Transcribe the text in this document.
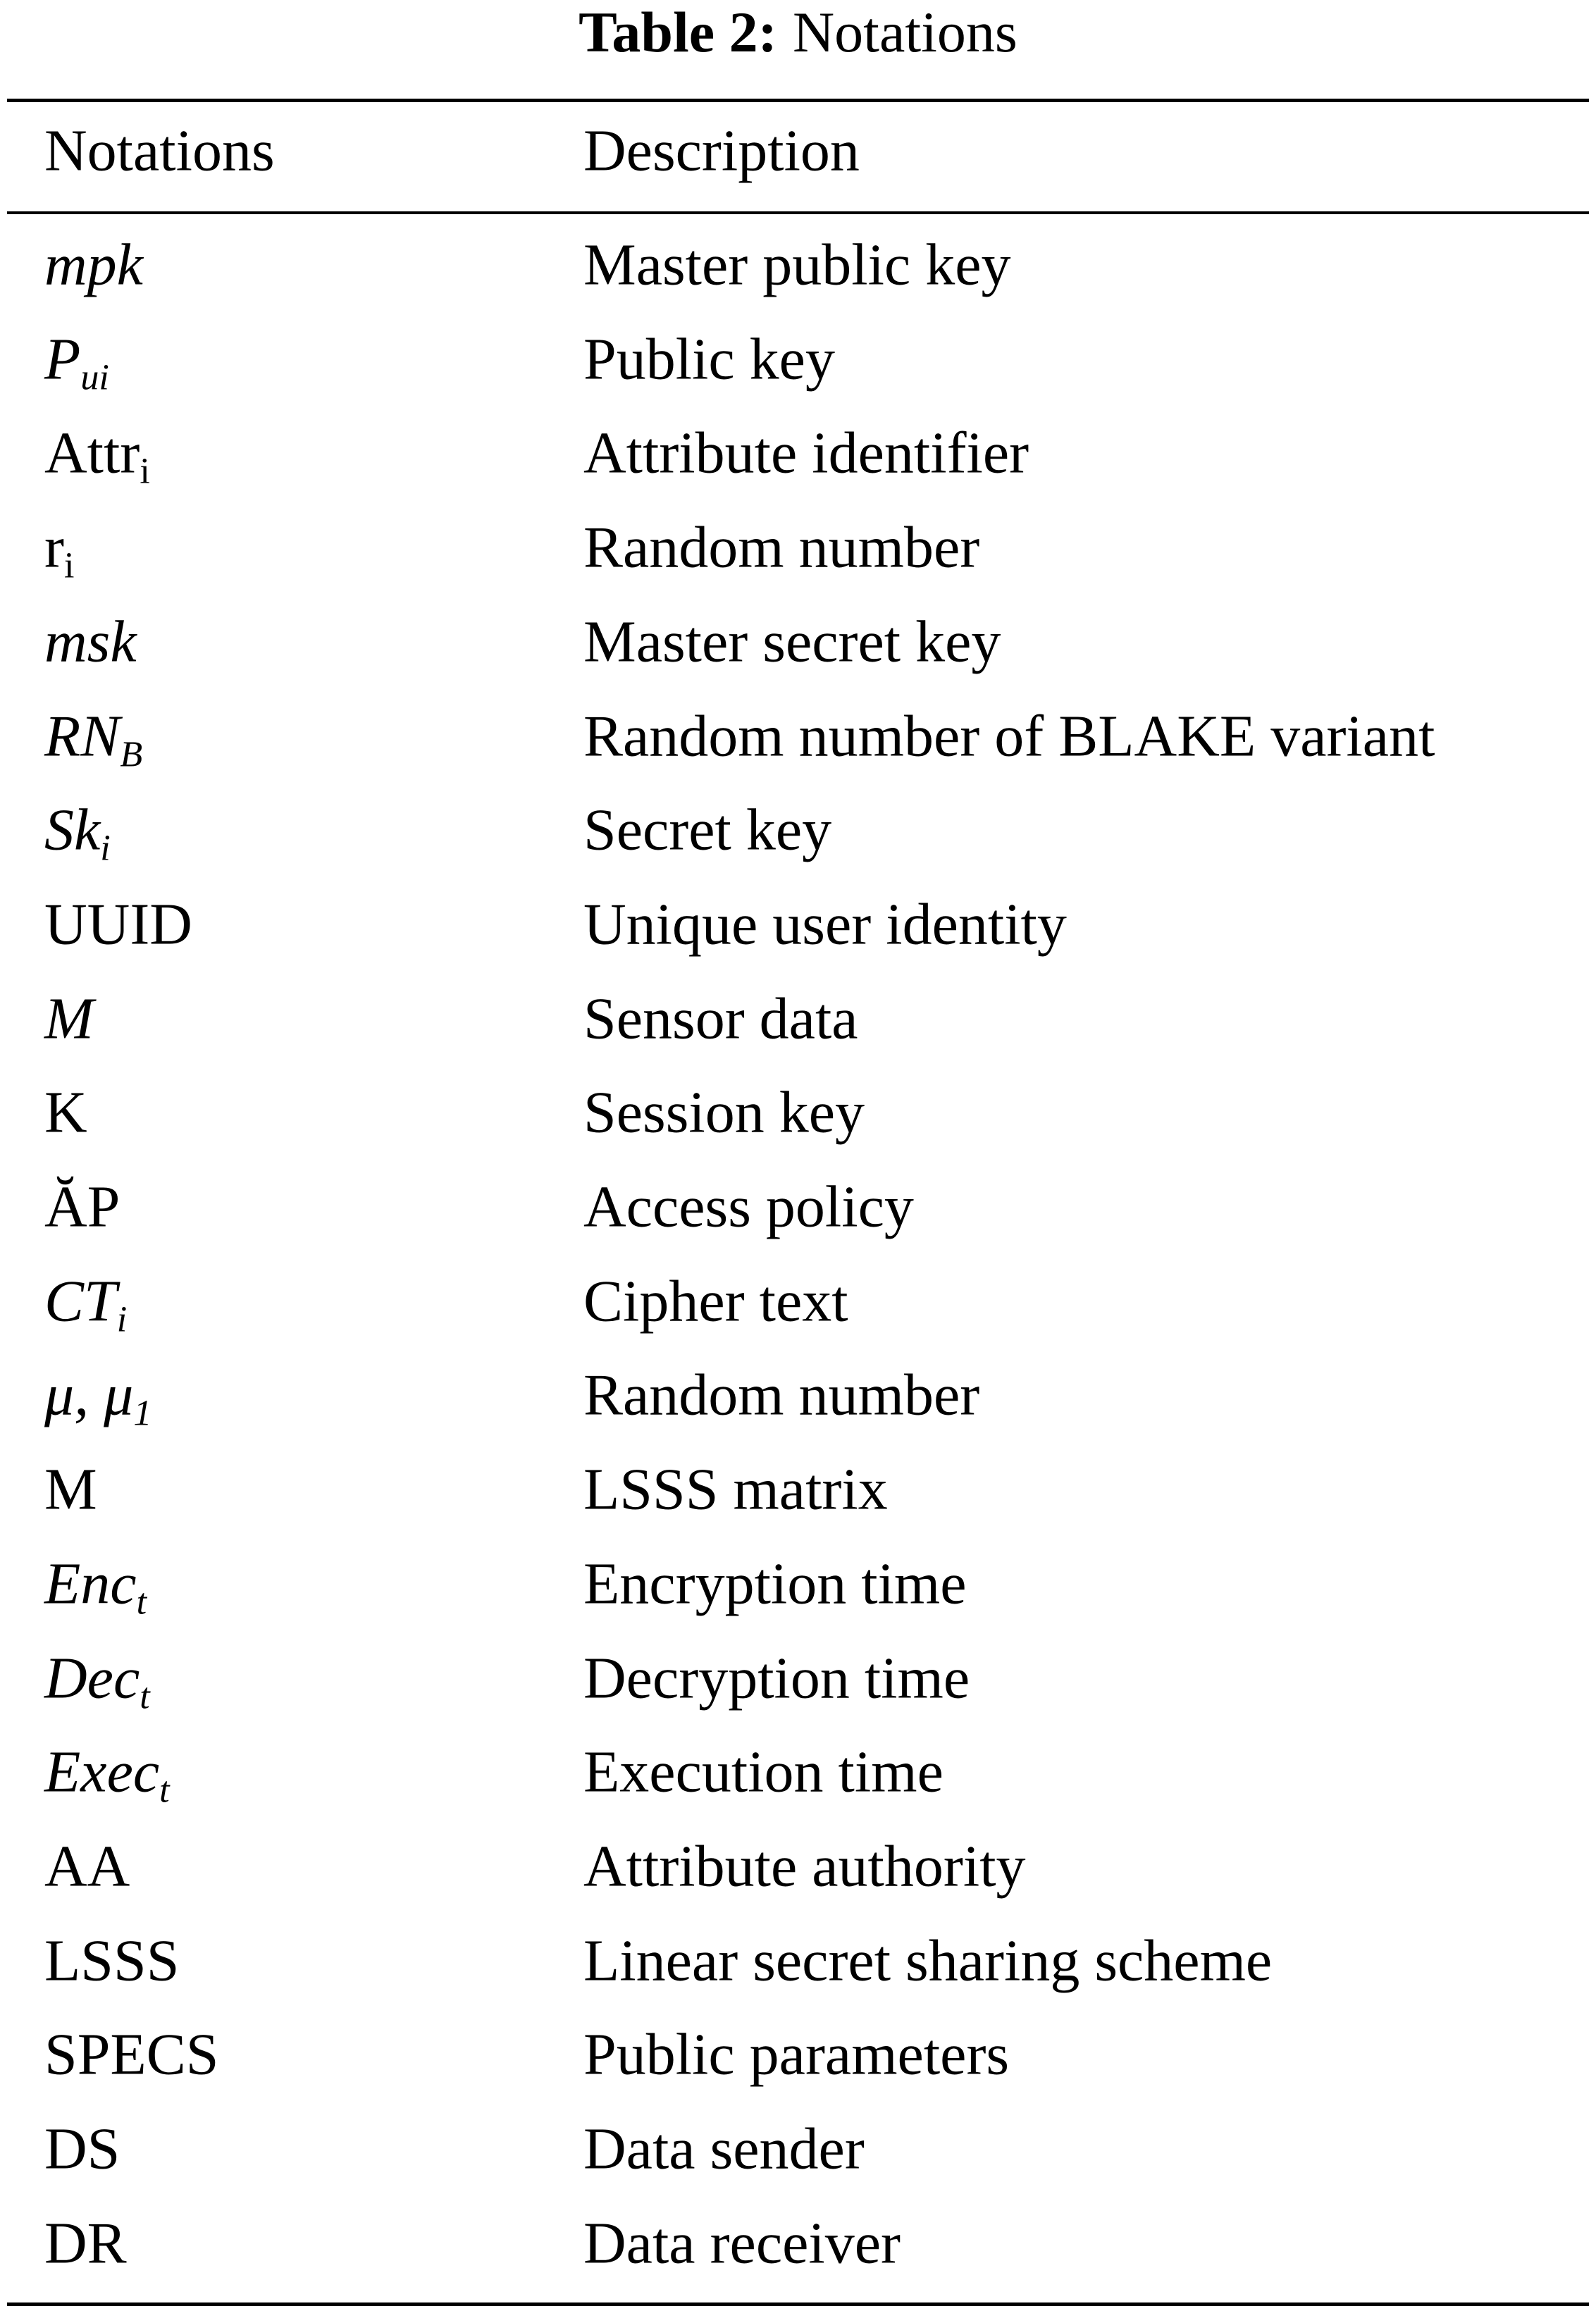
Table 2: Notations
Notations	Description
mpk	Master public key
$P_{ui}$	Public key
Attr$_i$	Attribute identifier
$r_i$	Random number
msk	Master secret key
$RN_B$	Random number of BLAKE variant
$Sk_i$	Secret key
UUID	Unique user identity
M	Sensor data
K	Session key
ĂP	Access policy
$CT_i$	Cipher text
μ, $\mu_1$	Random number
M	LSSS matrix
Enc$_t$	Encryption time
Dec$_t$	Decryption time
Exec$_t$	Execution time
AA	Attribute authority
LSSS	Linear secret sharing scheme
SPECS	Public parameters
DS	Data sender
DR	Data receiver
